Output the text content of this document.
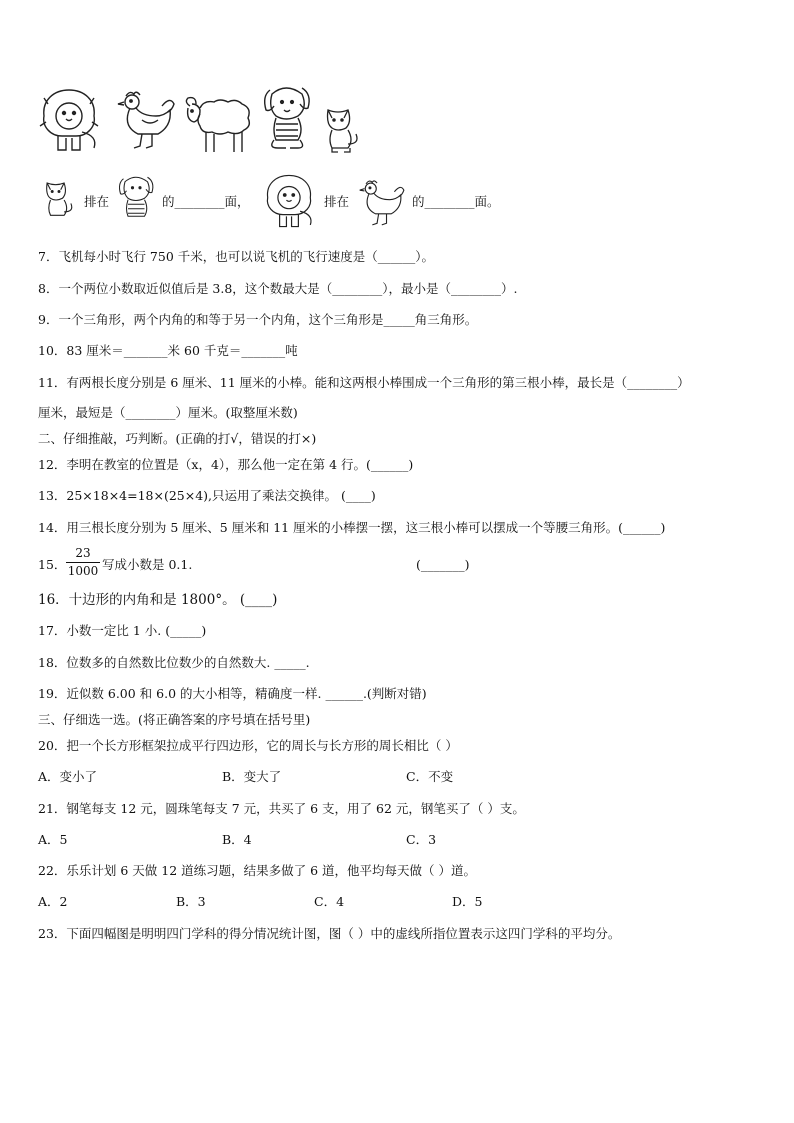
排在	的________面，	排在	的________面。
7．飞机每小时飞行 750 千米，也可以说飞机的飞行速度是（______）。
8．一个两位小数取近似值后是 3.8，这个数最大是（________），最小是（________）.
9．一个三角形，两个内角的和等于另一个内角，这个三角形是_____角三角形。
10．83 厘米＝_______米 60 千克＝_______吨
11．有两根长度分别是 6 厘米、11 厘米的小棒。能和这两根小棒围成一个三角形的第三根小棒，最长是（________）
厘米，最短是（________）厘米。(取整厘米数)
二、仔细推敲，巧判断。(正确的打√，错误的打×)
12．李明在教室的位置是（x，4），那么他一定在第 4 行。(______)
13．25×18×4=18×(25×4),只运用了乘法交换律。 (____)
14．用三根长度分别为 5 厘米、5 厘米和 11 厘米的小棒摆一摆，这三根小棒可以摆成一个等腰三角形。(______)
15．
23
1000 写成小数是 0.1.	(_______)
16．十边形的内角和是 1800°。 (____)
17．小数一定比 1 小. (_____)
18．位数多的自然数比位数少的自然数大. _____.
19．近似数 6.00 和 6.0 的大小相等，精确度一样. ______.(判断对错)
三、仔细选一选。(将正确答案的序号填在括号里)
20．把一个长方形框架拉成平行四边形，它的周长与长方形的周长相比（ ）
A．变小了	B．变大了	C．不变
21．钢笔每支 12 元，圆珠笔每支 7 元，共买了 6 支，用了 62 元，钢笔买了（ ）支。
A．5	B．4	C．3
22．乐乐计划 6 天做 12 道练习题，结果多做了 6 道，他平均每天做（ ）道。
A．2	B．3	C．4	D．5
23．下面四幅图是明明四门学科的得分情况统计图，图（ ）中的虚线所指位置表示这四门学科的平均分。
